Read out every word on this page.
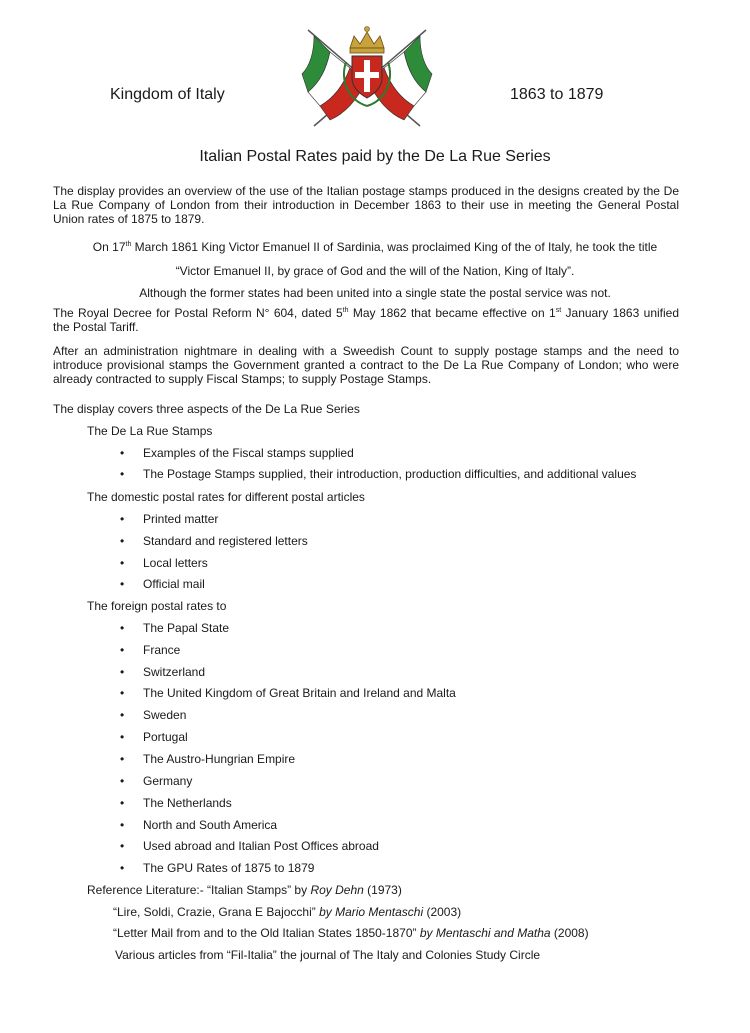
Kingdom of Italy	1863 to 1879
Italian Postal Rates paid by the De La Rue Series
The display provides an overview of the use of the Italian postage stamps produced in the designs created by the De La Rue Company of London from their introduction in December 1863 to their use in meeting the General Postal Union rates of 1875 to 1879.
On 17th March 1861 King Victor Emanuel II of Sardinia, was proclaimed King of the of Italy, he took the title
“Victor Emanuel II, by grace of God and the will of the Nation, King of Italy”.
Although the former states had been united into a single state the postal service was not.
The Royal Decree for Postal Reform N° 604, dated 5th May 1862 that became effective on 1st January 1863 unified the Postal Tariff.
After an administration nightmare in dealing with a Sweedish Count to supply postage stamps and the need to introduce provisional stamps the Government granted a contract to the De La Rue Company of London; who were already contracted to supply Fiscal Stamps; to supply Postage Stamps.
The display covers three aspects of the De La Rue Series
The De La Rue Stamps
• Examples of the Fiscal stamps supplied
• The Postage Stamps supplied, their introduction, production difficulties, and additional values
The domestic postal rates for different postal articles
• Printed matter
• Standard and registered letters
• Local letters
• Official mail
The foreign postal rates to
• The Papal State
• France
• Switzerland
• The United Kingdom of Great Britain and Ireland and Malta
• Sweden
• Portugal
• The Austro-Hungrian Empire
• Germany
• The Netherlands
• North and South America
• Used abroad and Italian Post Offices abroad
• The GPU Rates of 1875 to 1879
Reference Literature:- “Italian Stamps” by Roy Dehn (1973)
“Lire, Soldi, Crazie, Grana E Bajocchi” by Mario Mentaschi (2003)
“Letter Mail from and to the Old Italian States 1850-1870” by Mentaschi and Matha (2008)
Various articles from “Fil-Italia” the journal of The Italy and Colonies Study Circle
